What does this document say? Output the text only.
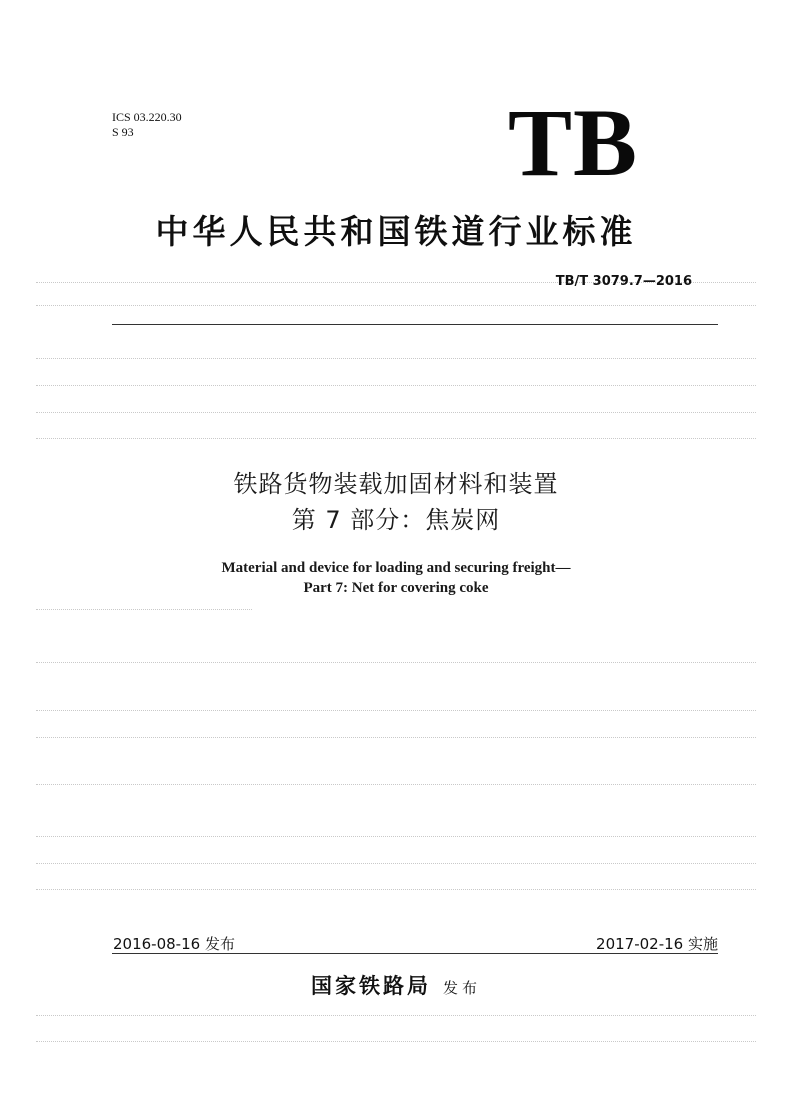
ICS 03.220.30
S 93	TB
中华人民共和国铁道行业标准
TB/T 3079.7—2016
铁路货物装载加固材料和装置
第 7 部分：焦炭网
Material and device for loading and securing freight—
Part 7: Net for covering coke
2016-08-16 发布	2017-02-16 实施
国家铁路局 发布
